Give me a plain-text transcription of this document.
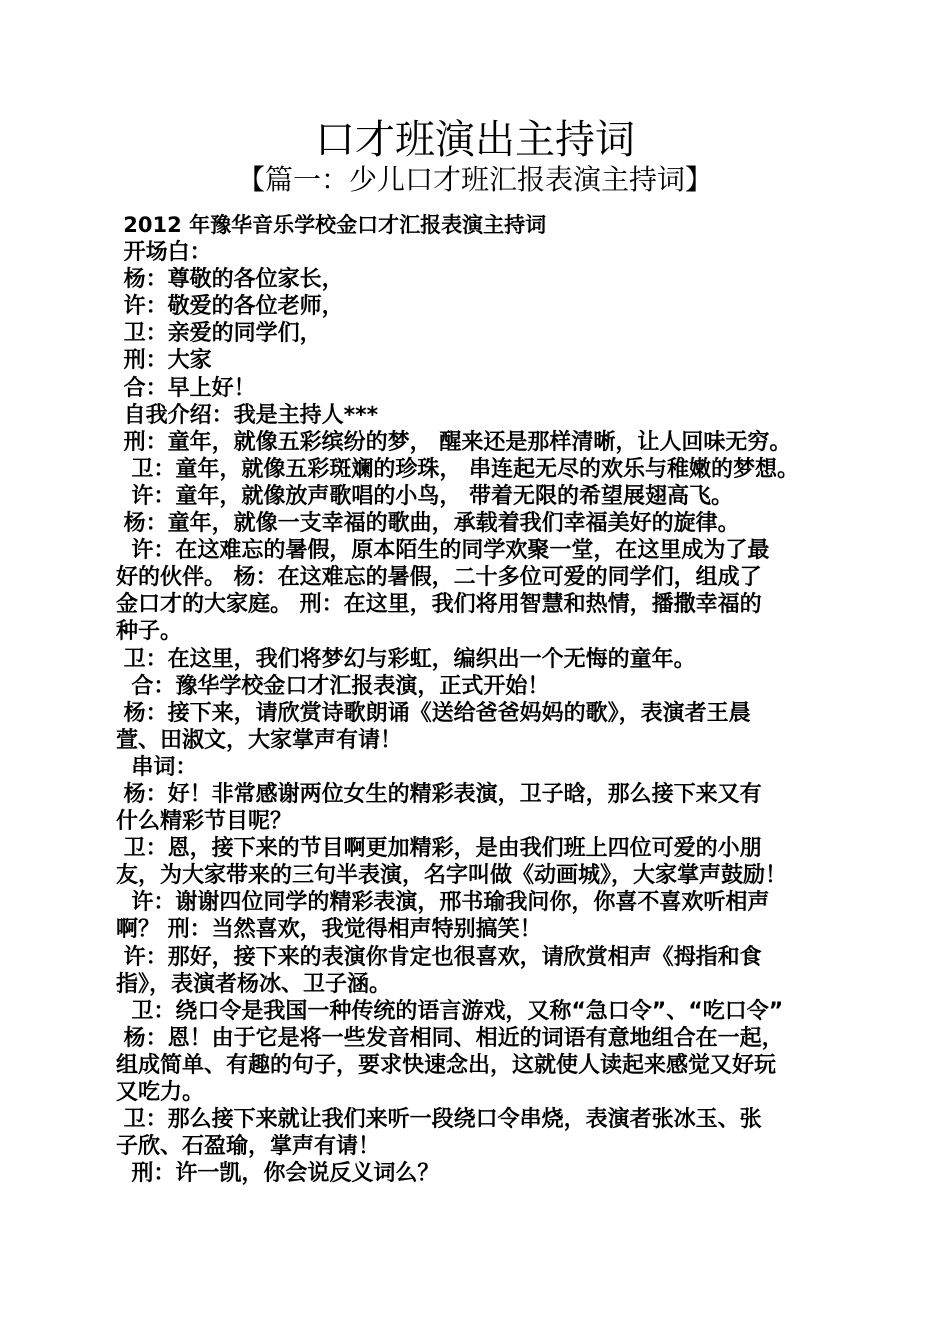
口才班演出主持词
【篇一：少儿口才班汇报表演主持词】
2012 年豫华音乐学校金口才汇报表演主持词
开场白：
杨：尊敬的各位家长，
许：敬爱的各位老师，
卫：亲爱的同学们，
刑：大家
合：早上好！
自我介绍：我是主持人***
刑：童年，就像五彩缤纷的梦， 醒来还是那样清晰，让人回味无穷。
卫：童年，就像五彩斑斓的珍珠， 串连起无尽的欢乐与稚嫩的梦想。
许：童年，就像放声歌唱的小鸟， 带着无限的希望展翅高飞。
杨：童年，就像一支幸福的歌曲，承载着我们幸福美好的旋律。
许：在这难忘的暑假，原本陌生的同学欢聚一堂，在这里成为了最
好的伙伴。 杨：在这难忘的暑假，二十多位可爱的同学们，组成了
金口才的大家庭。 刑：在这里，我们将用智慧和热情，播撒幸福的
种子。
卫：在这里，我们将梦幻与彩虹，编织出一个无悔的童年。
合：豫华学校金口才汇报表演，正式开始！
杨：接下来，请欣赏诗歌朗诵《送给爸爸妈妈的歌》，表演者王晨
萱、田淑文，大家掌声有请！
串词：
杨：好！非常感谢两位女生的精彩表演，卫子晗，那么接下来又有
什么精彩节目呢？
卫：恩，接下来的节目啊更加精彩，是由我们班上四位可爱的小朋
友，为大家带来的三句半表演，名字叫做《动画城》，大家掌声鼓励！
许：谢谢四位同学的精彩表演，邢书瑜我问你，你喜不喜欢听相声
啊？ 刑：当然喜欢，我觉得相声特别搞笑！
许：那好，接下来的表演你肯定也很喜欢，请欣赏相声《拇指和食
指》，表演者杨冰、卫子涵。
卫：绕口令是我国一种传统的语言游戏，又称“急口令”、“吃口令”
杨：恩！由于它是将一些发音相同、相近的词语有意地组合在一起，
组成简单、有趣的句子，要求快速念出，这就使人读起来感觉又好玩
又吃力。
卫：那么接下来就让我们来听一段绕口令串烧，表演者张冰玉、张
子欣、石盈瑜，掌声有请！
刑：许一凯，你会说反义词么？
